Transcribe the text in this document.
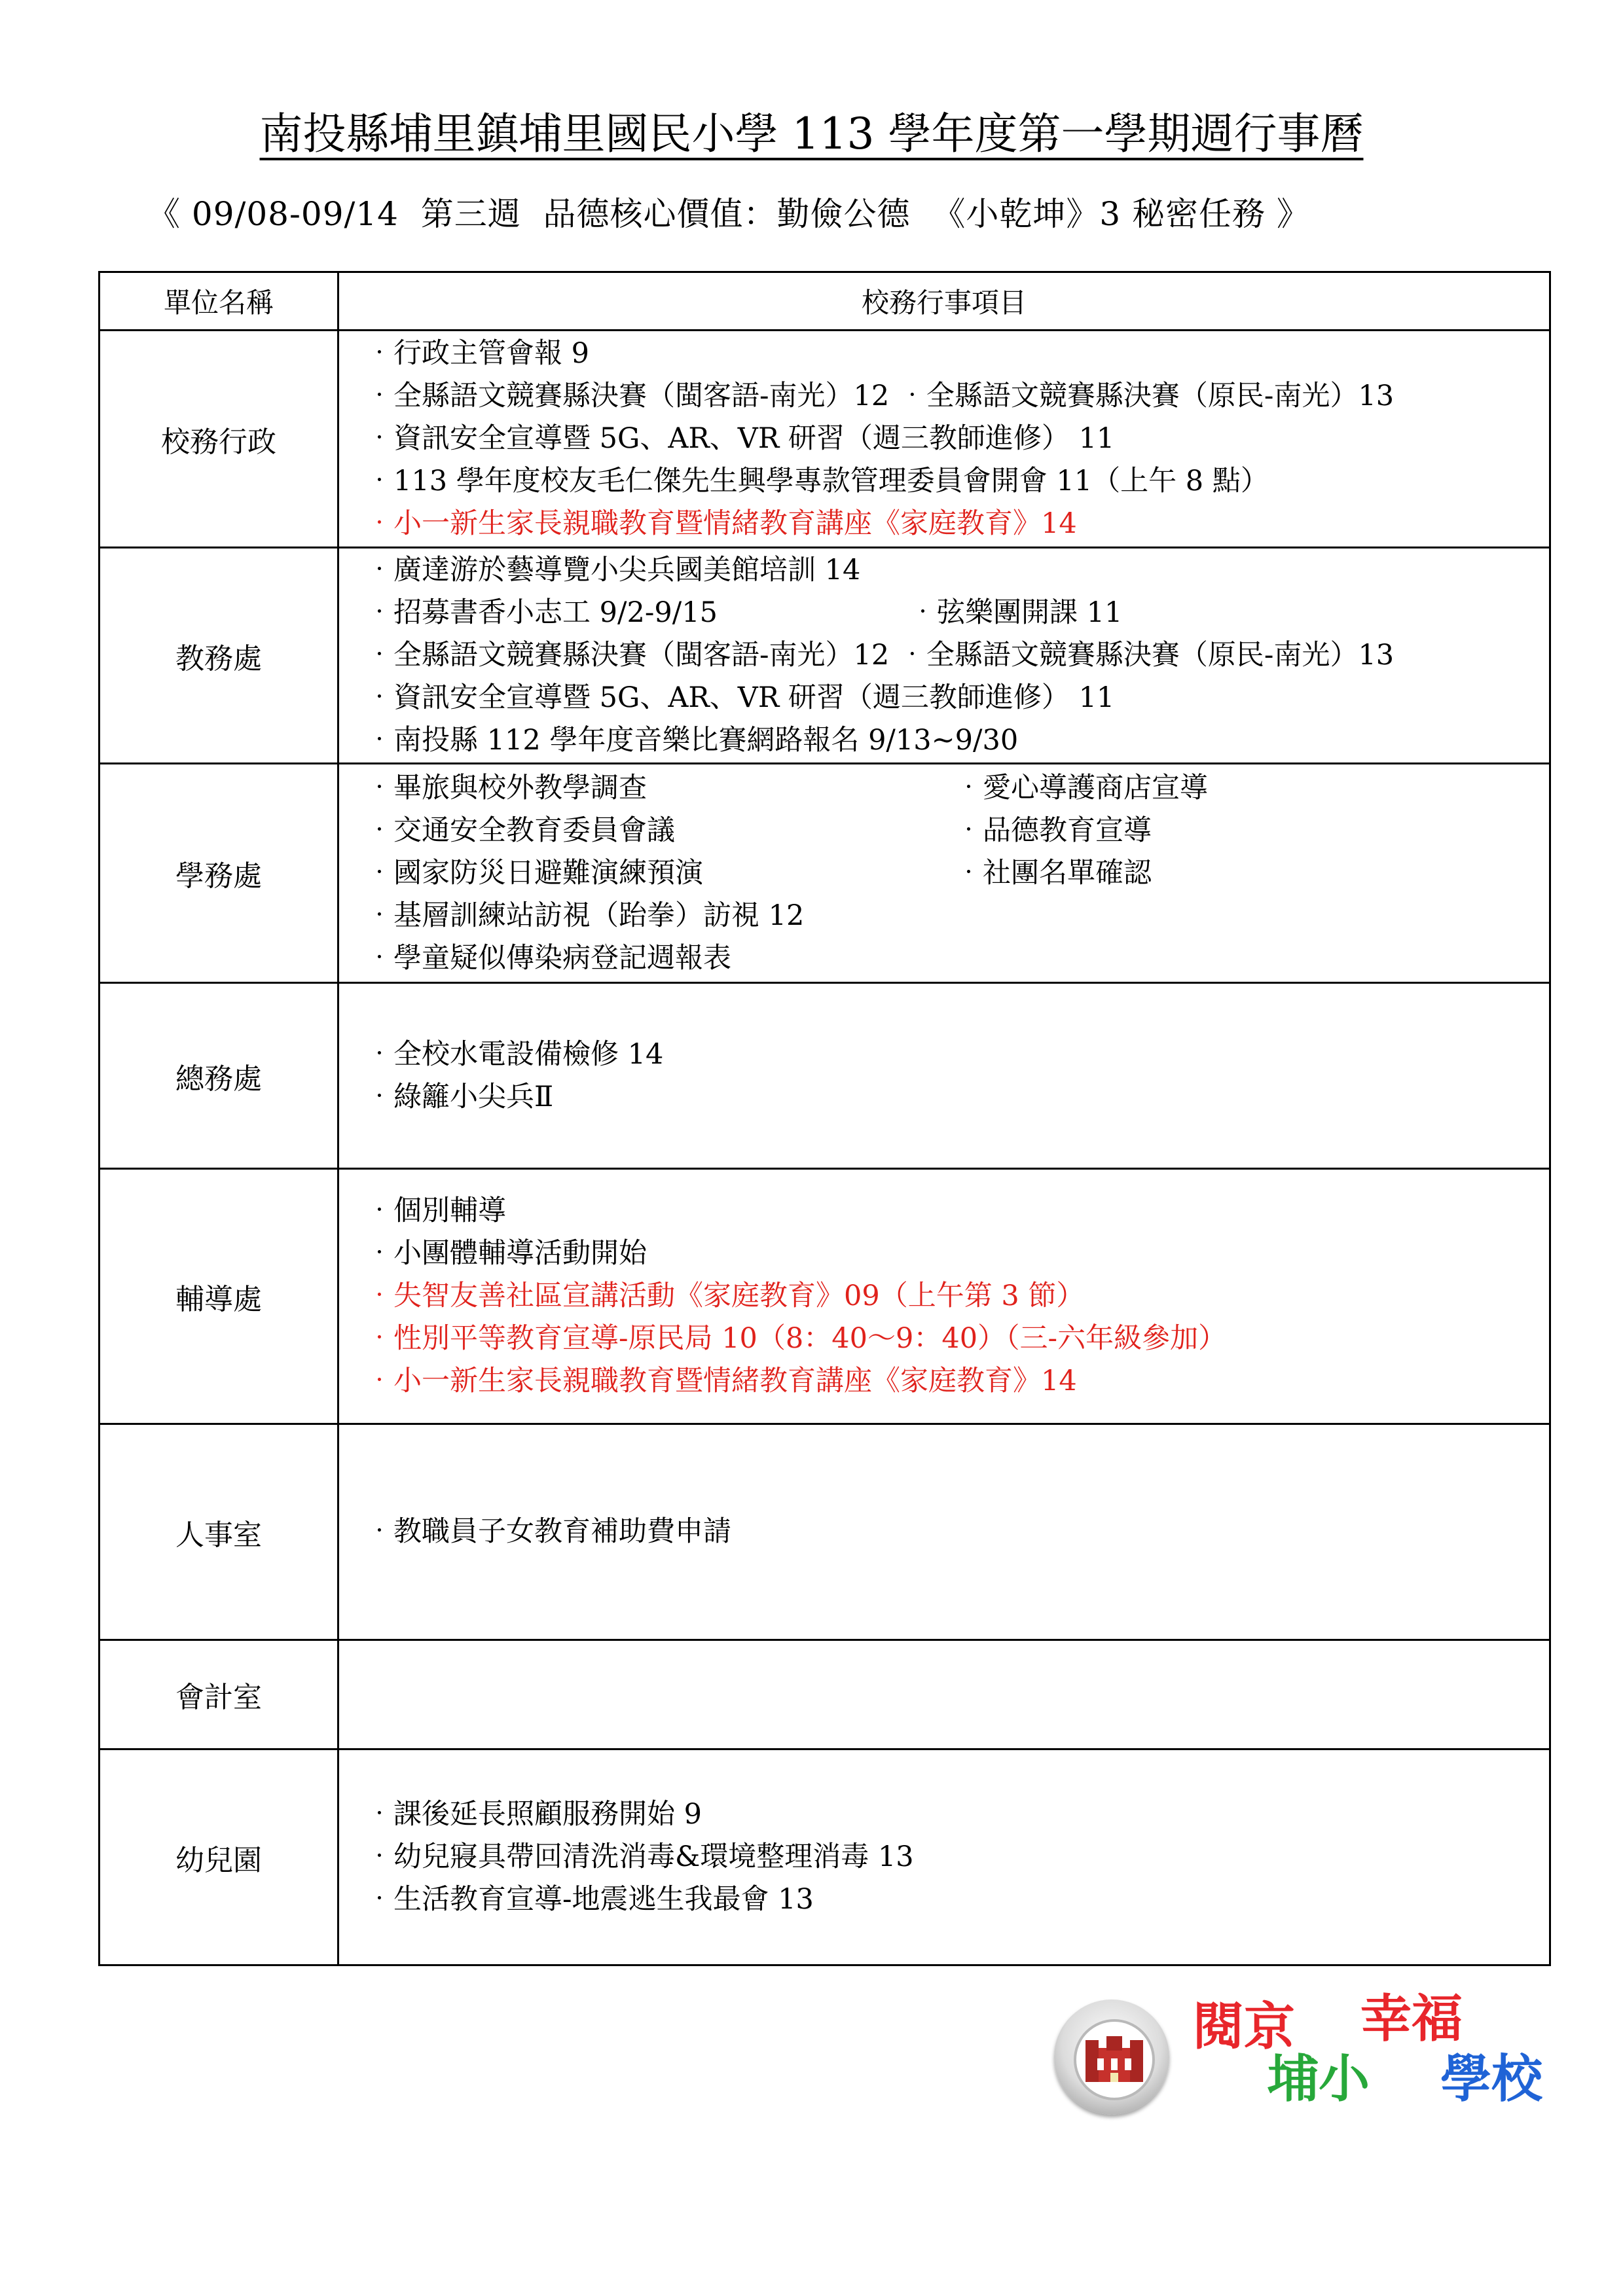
南投縣埔里鎮埔里國民小學 113 學年度第一學期週行事曆
《 09/08-09/14  第三週  品德核心價值：勤儉公德  《小乾坤》3 秘密任務 》
單位名稱	校務行事項目
校務行政	‧行政主管會報 9
‧全縣語文競賽縣決賽（閩客語-南光）12 ‧全縣語文競賽縣決賽（原民-南光）13
‧資訊安全宣導暨 5G、AR、VR 研習（週三教師進修） 11
‧113 學年度校友毛仁傑先生興學專款管理委員會開會 11（上午 8 點）
‧小一新生家長親職教育暨情緒教育講座《家庭教育》14

教務處	‧廣達游於藝導覽小尖兵國美館培訓 14
‧招募書香小志工 9/2-9/15 ‧弦樂團開課 11
‧全縣語文競賽縣決賽（閩客語-南光）12 ‧全縣語文競賽縣決賽（原民-南光）13
‧資訊安全宣導暨 5G、AR、VR 研習（週三教師進修） 11
‧南投縣 112 學年度音樂比賽網路報名 9/13~9/30

學務處	‧畢旅與校外教學調查 ‧愛心導護商店宣導
‧交通安全教育委員會議 ‧品德教育宣導
‧國家防災日避難演練預演 ‧社團名單確認
‧基層訓練站訪視（跆拳）訪視 12
‧學童疑似傳染病登記週報表

總務處	‧全校水電設備檢修 14
‧綠籬小尖兵Ⅱ

輔導處	‧個別輔導
‧小團體輔導活動開始
‧失智友善社區宣講活動《家庭教育》09（上午第 3 節）
‧性別平等教育宣導-原民局 10（8：40～9：40）（三-六年級參加）
‧小一新生家長親職教育暨情緒教育講座《家庭教育》14

人事室	‧教職員子女教育補助費申請

會計室	
幼兒園	‧課後延長照顧服務開始 9
‧幼兒寢具帶回清洗消毒&環境整理消毒 13
‧生活教育宣導-地震逃生我最會 13
閱京 幸福
埔小 學校
